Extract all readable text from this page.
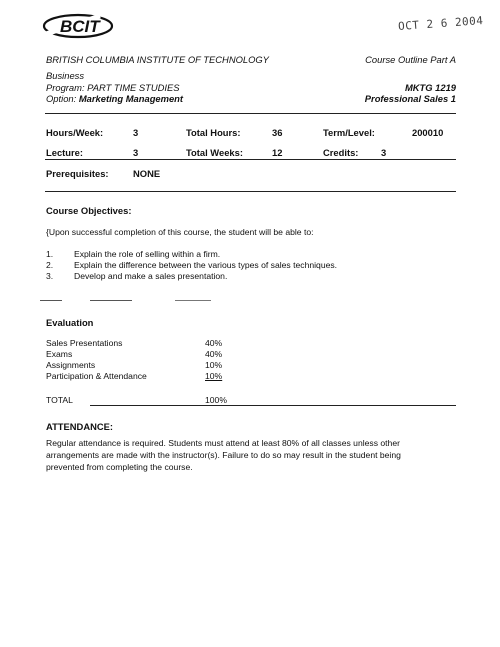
BCIT	OCT 2 6 2004
BRITISH COLUMBIA INSTITUTE OF TECHNOLOGY	Course Outline Part A
Business
Program: PART TIME STUDIES	MKTG 1219
Option: Marketing Management	Professional Sales 1
Hours/Week:	3	Total Hours:	36	Term/Level:	200010
Lecture:	3	Total Weeks:	12	Credits: 3
Prerequisites:	NONE
Course Objectives:
{Upon successful completion of this course, the student will be able to:
1. Explain the role of selling within a firm.
2. Explain the difference between the various types of sales techniques.
3. Develop and make a sales presentation.
Evaluation
Sales Presentations	40%
Exams	40%
Assignments	10%
Participation & Attendance	10%
TOTAL	100%
ATTENDANCE:
Regular attendance is required. Students must attend at least 80% of all classes unless other
arrangements are made with the instructor(s). Failure to do so may result in the student being
prevented from completing the course.
